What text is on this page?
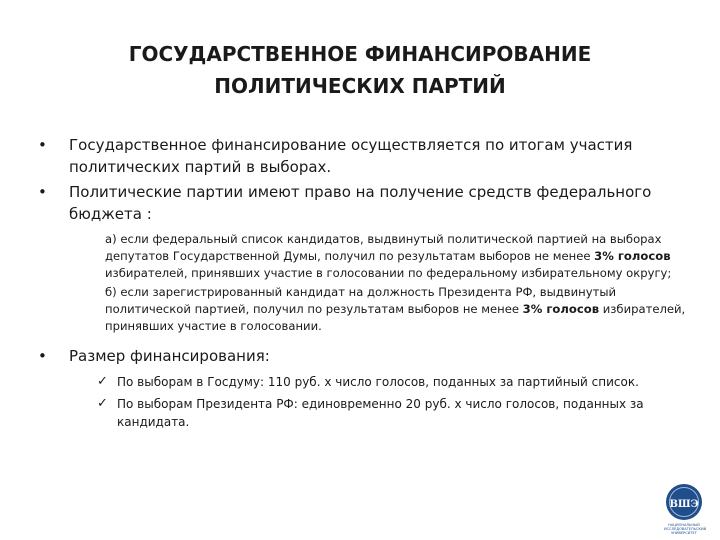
ГОСУДАРСТВЕННОЕ ФИНАНСИРОВАНИЕ
ПОЛИТИЧЕСКИХ ПАРТИЙ
• Государственное финансирование осуществляется по итогам участия политических партий в выборах.
• Политические партии имеют право на получение средств федерального бюджета :

а) если федеральный список кандидатов, выдвинутый политической партией на выборах депутатов Государственной Думы, получил по результатам выборов не менее 3% голосов избирателей, принявших участие в голосовании по федеральному избирательному округу;

б) если зарегистрированный кандидат на должность Президента РФ, выдвинутый политической партией, получил по результатам выборов не менее 3% голосов избирателей, принявших участие в голосовании.

• Размер финансирования:
✓ По выборам в Госдуму: 110 руб. х число голосов, поданных за партийный список.
✓ По выборам Президента РФ: единовременно 20 руб. х число голосов, поданных за кандидата.
ВШЭ
НАЦИОНАЛЬНЫЙ ИССЛЕДОВАТЕЛЬСКИЙ УНИВЕРСИТЕТ
